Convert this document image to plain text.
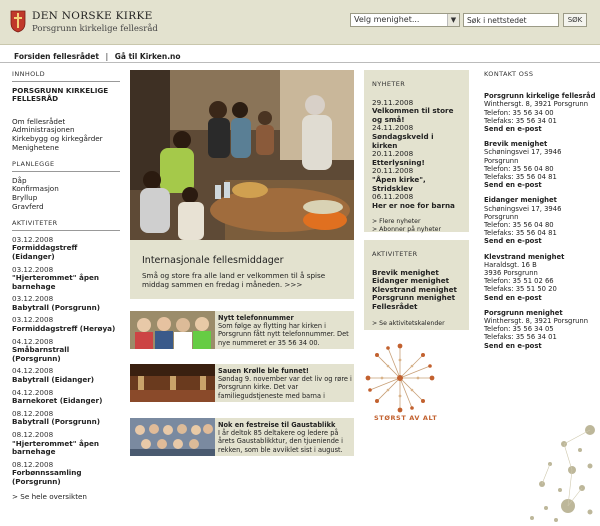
DEN NORSKE KIRKE
Porsgrunn kirkelige fellesråd
Velg menighet...	▼	Søk i nettstedet	SØK
Forsiden fellesrådet | Gå til Kirken.no
INNHOLD
PORSGRUNN KIRKELIGE
FELLESRÅD
Om fellesrådet
Administrasjonen
Kirkebygg og kirkegårder
Menighetene
PLANLEGGE
Dåp
Konfirmasjon
Bryllup
Gravferd
AKTIVITETER
03.12.2008
Formiddagstreff (Eidanger)
03.12.2008
"Hjerterommet" åpen barnehage
03.12.2008
Babytrall (Porsgrunn)
03.12.2008
Formiddagstreff (Herøya)
04.12.2008
Småbarnstrall (Porsgrunn)
04.12.2008
Babytrall (Eidanger)
04.12.2008
Barnekoret (Eidanger)
08.12.2008
Babytrall (Porsgrunn)
08.12.2008
"Hjerterommet" åpen barnehage
08.12.2008
Forbønnssamling (Porsgrunn)
> Se hele oversikten
Internasjonale fellesmiddager

Små og store fra alle land er velkommen til å spise middag sammen en fredag i måneden. >>>

Nytt telefonnummer
Som følge av flytting har kirken i Porsgrunn fått nytt telefonnummer. Det nye nummeret er 35 56 34 00.
Sauen Krølle ble funnet!
Søndag 9. november var det liv og røre i Porsgrunn kirke. Det var familiegudstjeneste med barna i
Nok en festreise til Gaustablikk
I år deltok 85 deltakere og ledere på årets Gaustablikktur, den tjueniende i rekken, som ble avviklet sist i august.
NYHETER
29.11.2008
Velkommen til store og små!
24.11.2008
Søndagskveld i kirken
20.11.2008
Etterlysning!
20.11.2008
"Åpen kirke", Stridsklev
06.11.2008
Her er noe for barna
> Flere nyheter
> Abonner på nyheter
AKTIVITETER
Brevik menighet
Eidanger menighet
Klevstrand menighet
Porsgrunn menighet
Fellesrådet
> Se aktivitetskalender
STØRST AV ALT
KONTAKT OSS
Porsgrunn kirkelige fellesråd
Winthersgt. 8, 3921 Porsgrunn
Telefon: 35 56 34 00
Telefaks: 35 56 34 01
Send en e-post
Brevik menighet
Schøningsvei 17, 3946 Porsgrunn
Telefon: 35 56 04 80
Telefaks: 35 56 04 81
Send en e-post
Eidanger menighet
Schøningsvei 17, 3946 Porsgrunn
Telefon: 35 56 04 80
Telefaks: 35 56 04 81
Send en e-post
Klevstrand menighet
Haraldsgt. 16 B
3936 Porsgrunn
Telefon: 35 51 02 66
Telefaks: 35 51 50 20
Send en e-post
Porsgrunn menighet
Winthersgt. 8, 3921 Porsgrunn
Telefon: 35 56 34 05
Telefaks: 35 56 34 01
Send en e-post
